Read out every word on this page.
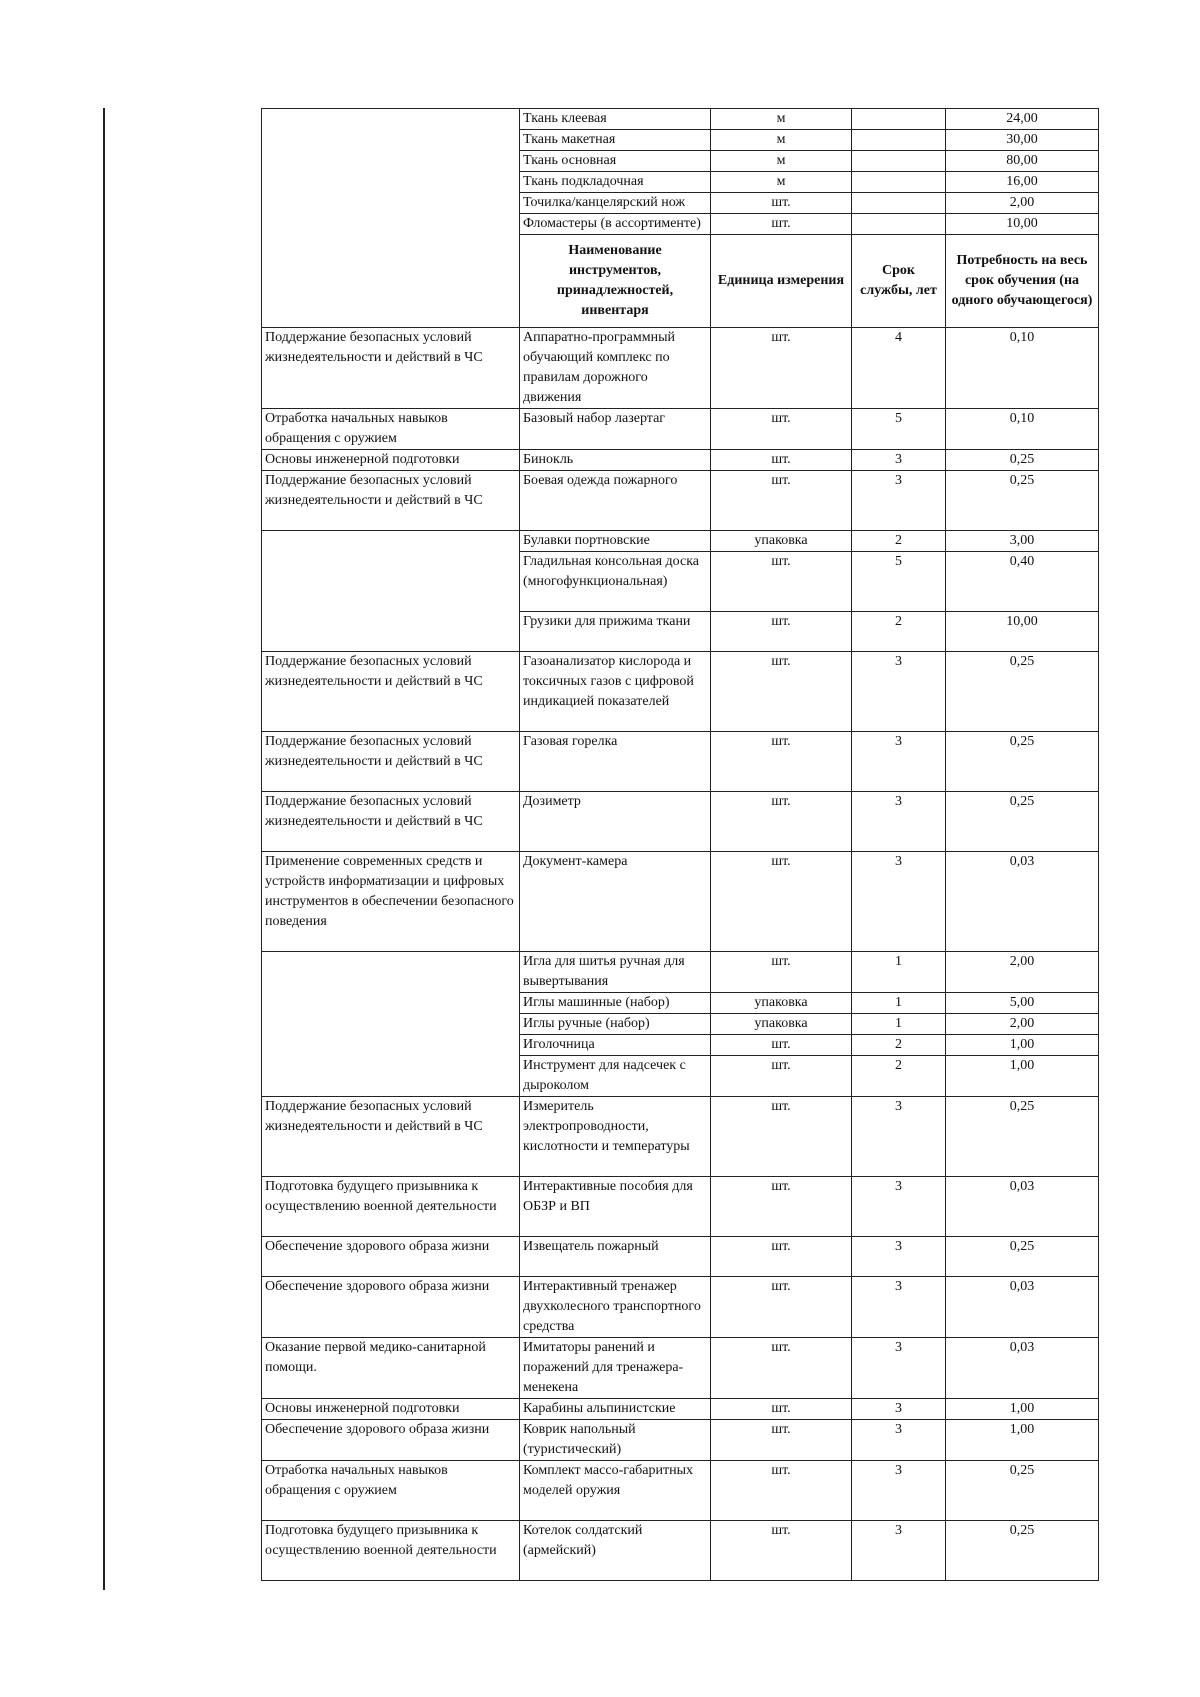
	Ткань клеевая	м		24,00
	Ткань макетная	м		30,00
	Ткань основная	м		80,00
	Ткань подкладочная	м		16,00
	Точилка/канцелярский нож	шт.		2,00
	Фломастеры (в ассортименте)	шт.		10,00
	Наименование инструментов, принадлежностей, инвентаря	Единица измерения	Срок службы, лет	Потребность на весь срок обучения (на одного обучающегося)
Поддержание безопасных условий жизнедеятельности и действий в ЧС	Аппаратно-программный обучающий комплекс по правилам дорожного движения	шт.	4	0,10
Отработка начальных навыков обращения с оружием	Базовый набор лазертаг	шт.	5	0,10
Основы инженерной подготовки	Бинокль	шт.	3	0,25
Поддержание безопасных условий жизнедеятельности и действий в ЧС	Боевая одежда пожарного	шт.	3	0,25
	Булавки портновские	упаковка	2	3,00
	Гладильная консольная доска (многофункциональная)	шт.	5	0,40
	Грузики для прижима ткани	шт.	2	10,00
Поддержание безопасных условий жизнедеятельности и действий в ЧС	Газоанализатор кислорода и токсичных газов с цифровой индикацией показателей	шт.	3	0,25
Поддержание безопасных условий жизнедеятельности и действий в ЧС	Газовая горелка	шт.	3	0,25
Поддержание безопасных условий жизнедеятельности и действий в ЧС	Дозиметр	шт.	3	0,25
Применение современных средств и устройств информатизации и цифровых инструментов в обеспечении безопасного поведения	Документ-камера	шт.	3	0,03
	Игла для шитья ручная для вывертывания	шт.	1	2,00
	Иглы машинные (набор)	упаковка	1	5,00
	Иглы ручные (набор)	упаковка	1	2,00
	Иголочница	шт.	2	1,00
	Инструмент для надсечек с дыроколом	шт.	2	1,00
Поддержание безопасных условий жизнедеятельности и действий в ЧС	Измеритель электропроводности, кислотности и температуры	шт.	3	0,25
Подготовка будущего призывника к осуществлению военной деятельности	Интерактивные пособия для ОБЗР и ВП	шт.	3	0,03
Обеспечение здорового образа жизни	Извещатель пожарный	шт.	3	0,25
Обеспечение здорового образа жизни	Интерактивный тренажер двухколесного транспортного средства	шт.	3	0,03
Оказание первой медико-санитарной помощи.	Имитаторы ранений и поражений для тренажера-менекена	шт.	3	0,03
Основы инженерной подготовки	Карабины альпинистские	шт.	3	1,00
Обеспечение здорового образа жизни	Коврик напольный (туристический)	шт.	3	1,00
Отработка начальных навыков обращения с оружием	Комплект массо-габаритных моделей оружия	шт.	3	0,25
Подготовка будущего призывника к осуществлению военной деятельности	Котелок солдатский (армейский)	шт.	3	0,25
